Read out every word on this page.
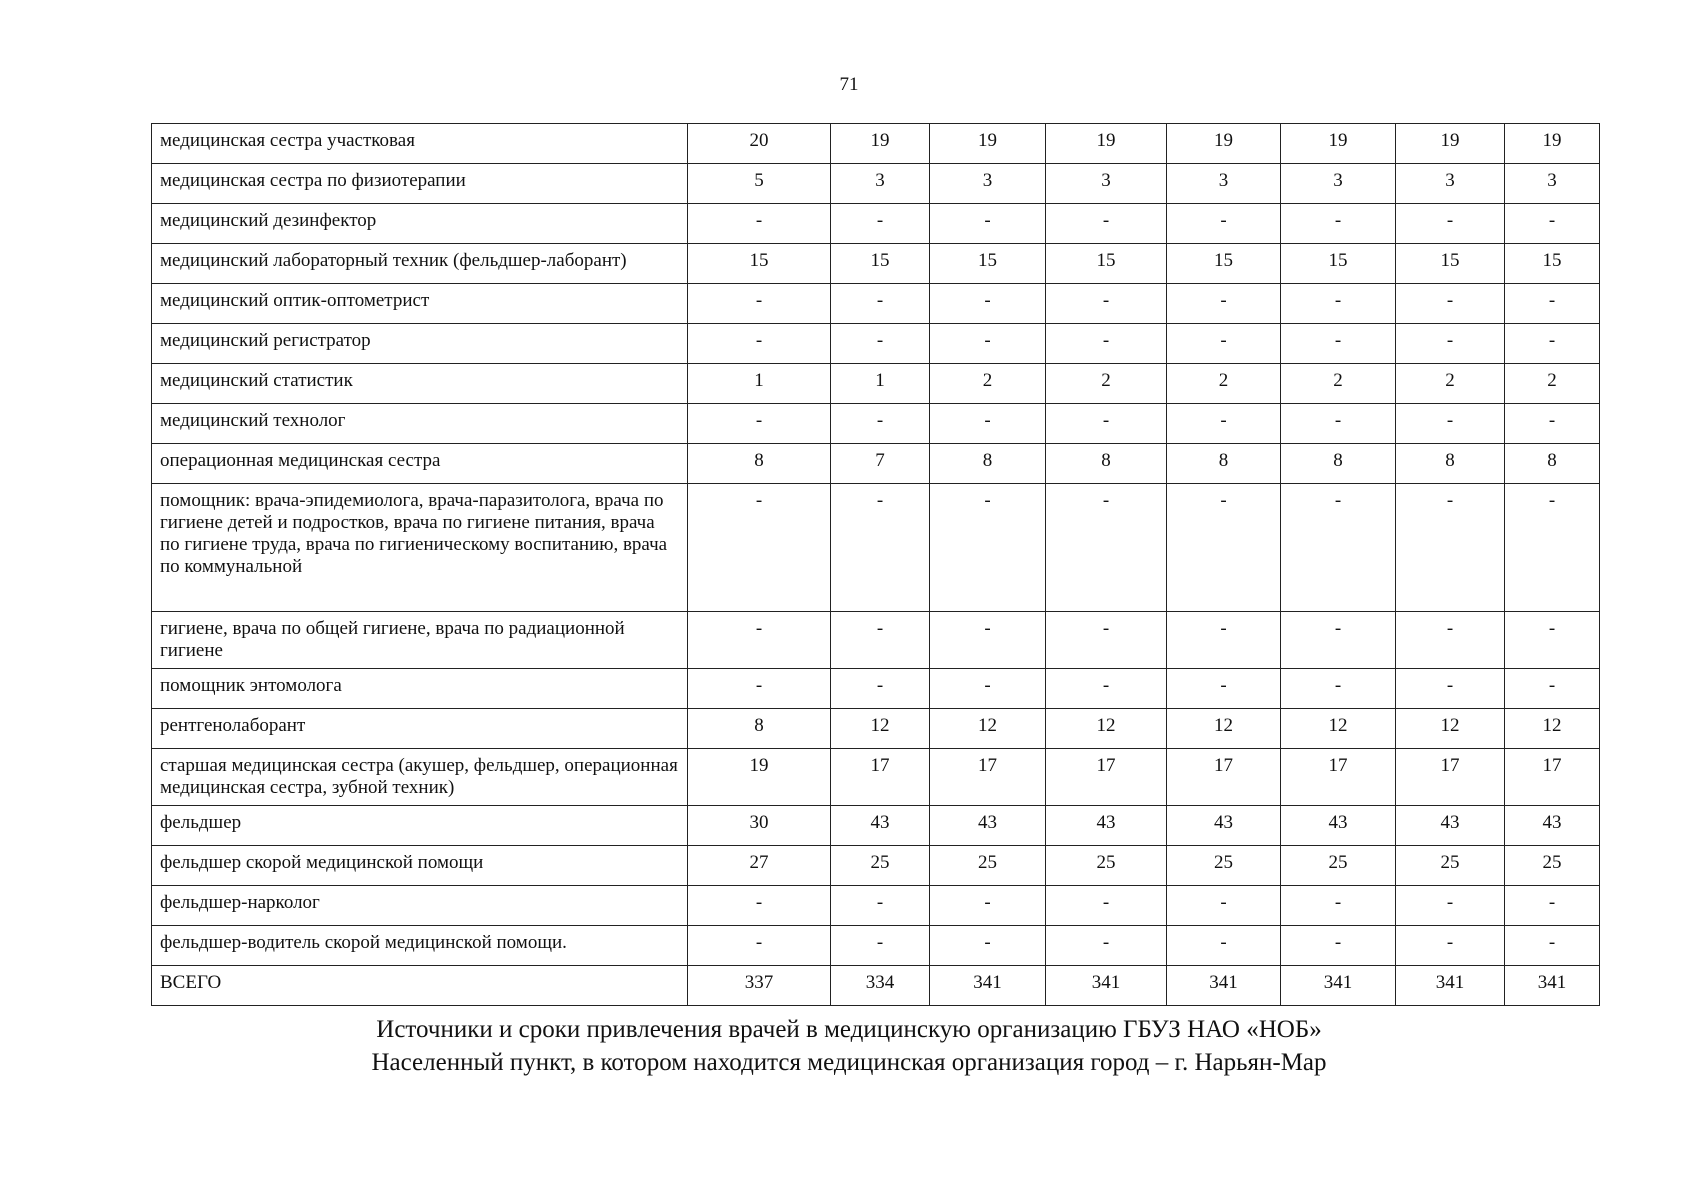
71
медицинская сестра участковая	20	19	19	19	19	19	19	19
медицинская сестра по физиотерапии	5	3	3	3	3	3	3	3
медицинский дезинфектор	-	-	-	-	-	-	-	-
медицинский лабораторный техник (фельдшер-лаборант)	15	15	15	15	15	15	15	15
медицинский оптик-оптометрист	-	-	-	-	-	-	-	-
медицинский регистратор	-	-	-	-	-	-	-	-
медицинский статистик	1	1	2	2	2	2	2	2
медицинский технолог	-	-	-	-	-	-	-	-
операционная медицинская сестра	8	7	8	8	8	8	8	8
помощник: врача-эпидемиолога, врача-паразитолога, врача по гигиене детей и подростков, врача по гигиене питания, врача по гигиене труда, врача по гигиеническому воспитанию, врача по коммунальной	-	-	-	-	-	-	-	-
гигиене, врача по общей гигиене, врача по радиационной гигиене	-	-	-	-	-	-	-	-
помощник энтомолога	-	-	-	-	-	-	-	-
рентгенолаборант	8	12	12	12	12	12	12	12
старшая медицинская сестра (акушер, фельдшер, операционная медицинская сестра, зубной техник)	19	17	17	17	17	17	17	17
фельдшер	30	43	43	43	43	43	43	43
фельдшер скорой медицинской помощи	27	25	25	25	25	25	25	25
фельдшер-нарколог	-	-	-	-	-	-	-	-
фельдшер-водитель скорой медицинской помощи.	-	-	-	-	-	-	-	-
ВСЕГО	337	334	341	341	341	341	341	341
Источники и сроки привлечения врачей в медицинскую организацию ГБУЗ НАО «НОБ»
Населенный пункт, в котором находится медицинская организация город – г. Нарьян-Мар
